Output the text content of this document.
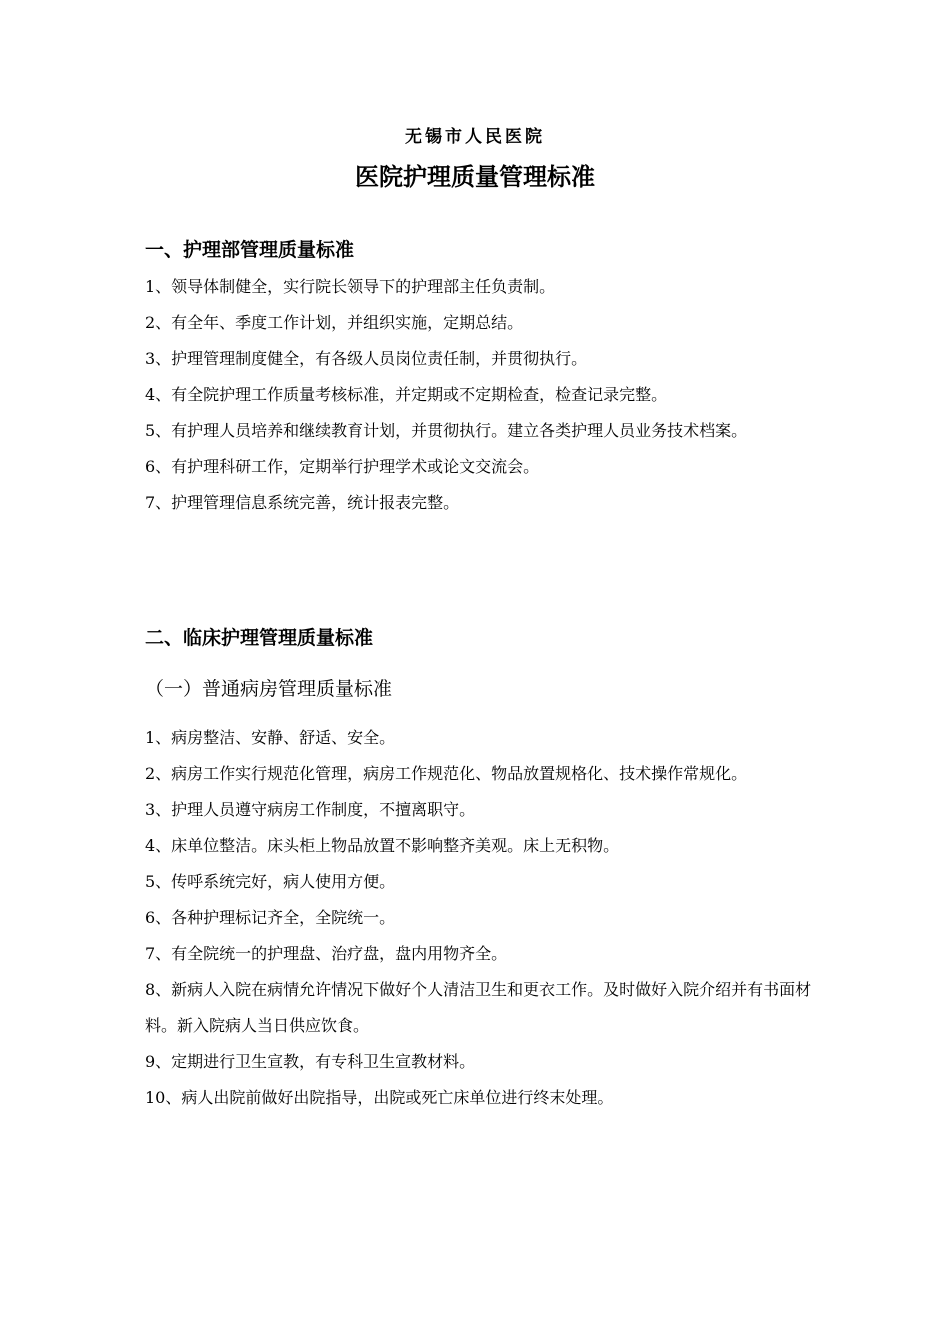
无锡市人民医院
医院护理质量管理标准
一、护理部管理质量标准
1、领导体制健全，实行院长领导下的护理部主任负责制。
2、有全年、季度工作计划，并组织实施，定期总结。
3、护理管理制度健全，有各级人员岗位责任制，并贯彻执行。
4、有全院护理工作质量考核标准，并定期或不定期检查，检查记录完整。
5、有护理人员培养和继续教育计划，并贯彻执行。建立各类护理人员业务技术档案。
6、有护理科研工作，定期举行护理学术或论文交流会。
7、护理管理信息系统完善，统计报表完整。
二、临床护理管理质量标准
（一）普通病房管理质量标准
1、病房整洁、安静、舒适、安全。
2、病房工作实行规范化管理，病房工作规范化、物品放置规格化、技术操作常规化。
3、护理人员遵守病房工作制度，不擅离职守。
4、床单位整洁。床头柜上物品放置不影响整齐美观。床上无积物。
5、传呼系统完好，病人使用方便。
6、各种护理标记齐全，全院统一。
7、有全院统一的护理盘、治疗盘，盘内用物齐全。
8、新病人入院在病情允许情况下做好个人清洁卫生和更衣工作。及时做好入院介绍并有书面材料。新入院病人当日供应饮食。
9、定期进行卫生宣教，有专科卫生宣教材料。
10、病人出院前做好出院指导，出院或死亡床单位进行终末处理。
